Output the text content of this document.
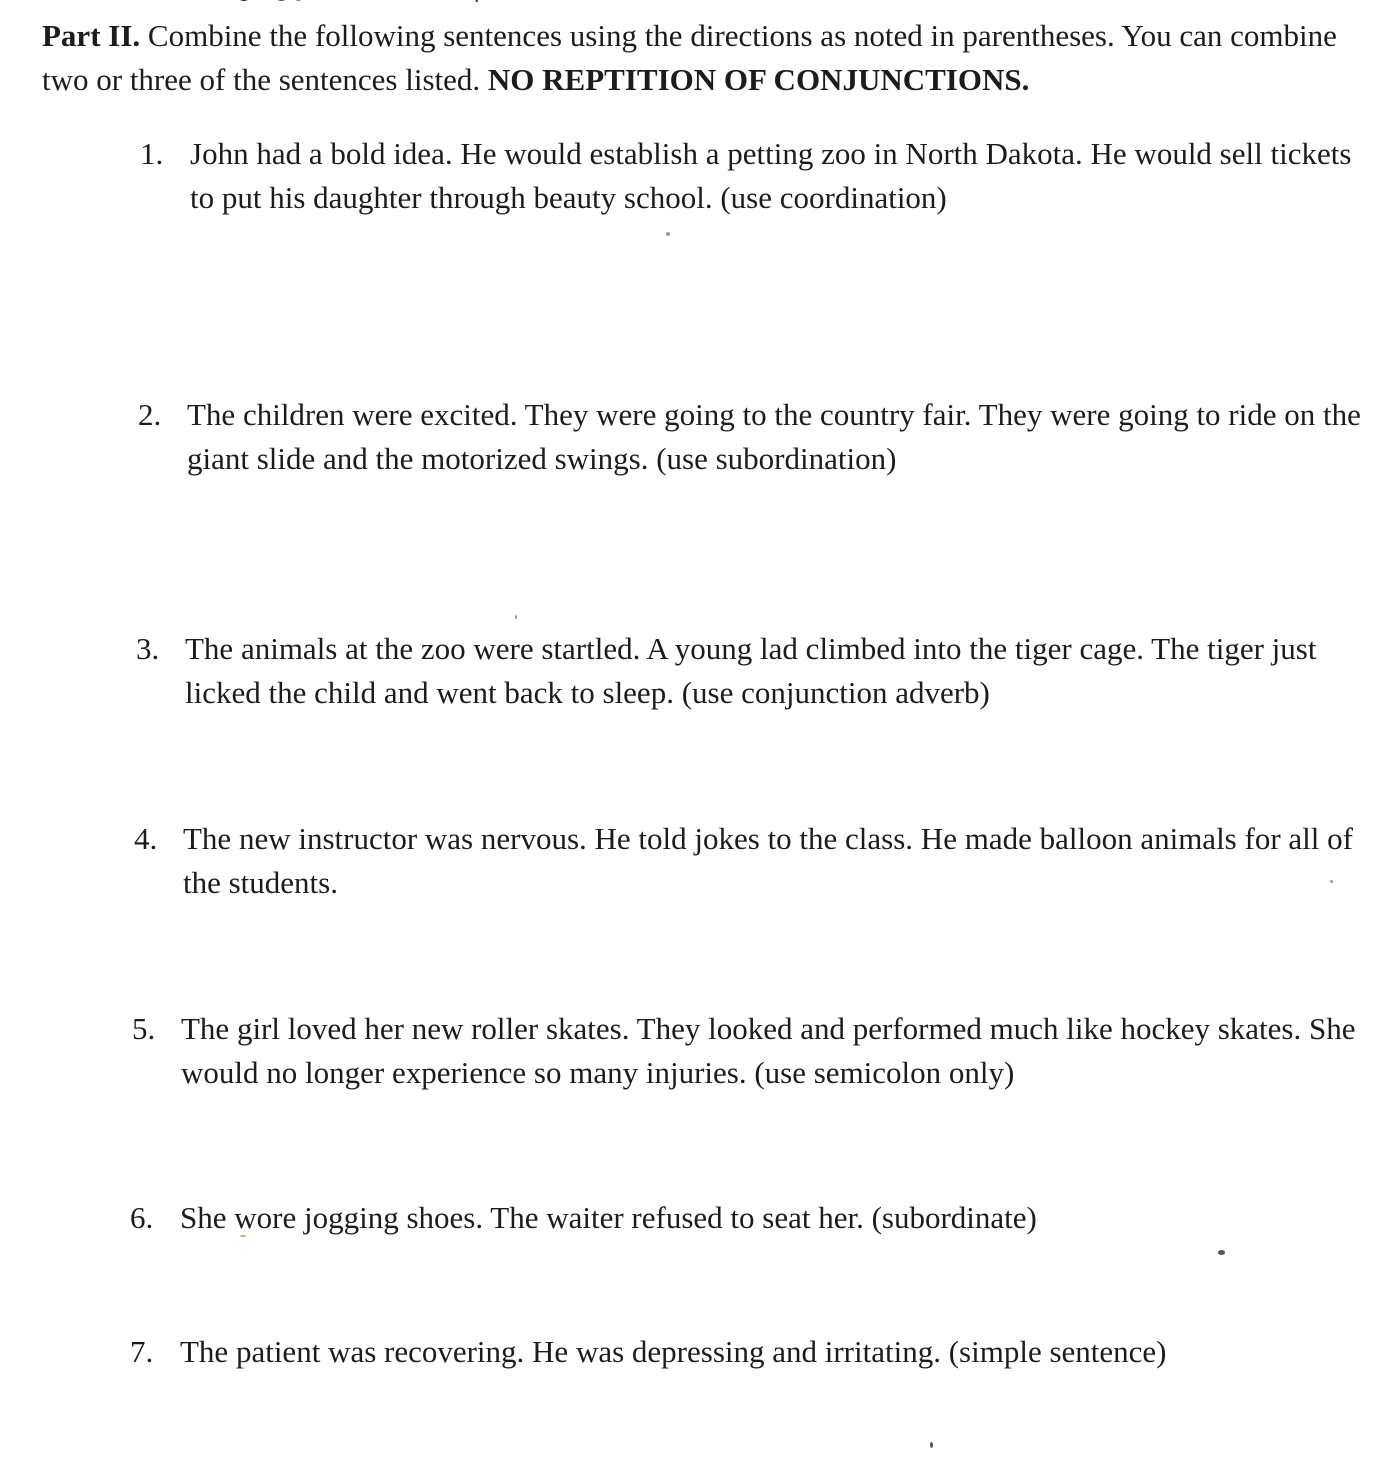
Part II. Combine the following sentences using the directions as noted in parentheses. You can combine two or three of the sentences listed. NO REPTITION OF CONJUNCTIONS.

1. John had a bold idea. He would establish a petting zoo in North Dakota. He would sell tickets to put his daughter through beauty school. (use coordination)
2. The children were excited. They were going to the country fair. They were going to ride on the giant slide and the motorized swings. (use subordination)
3. The animals at the zoo were startled. A young lad climbed into the tiger cage. The tiger just licked the child and went back to sleep. (use conjunction adverb)
4. The new instructor was nervous. He told jokes to the class. He made balloon animals for all of the students.
5. The girl loved her new roller skates. They looked and performed much like hockey skates. She would no longer experience so many injuries. (use semicolon only)
6. She wore jogging shoes. The waiter refused to seat her. (subordinate)
7. The patient was recovering. He was depressing and irritating. (simple sentence)
